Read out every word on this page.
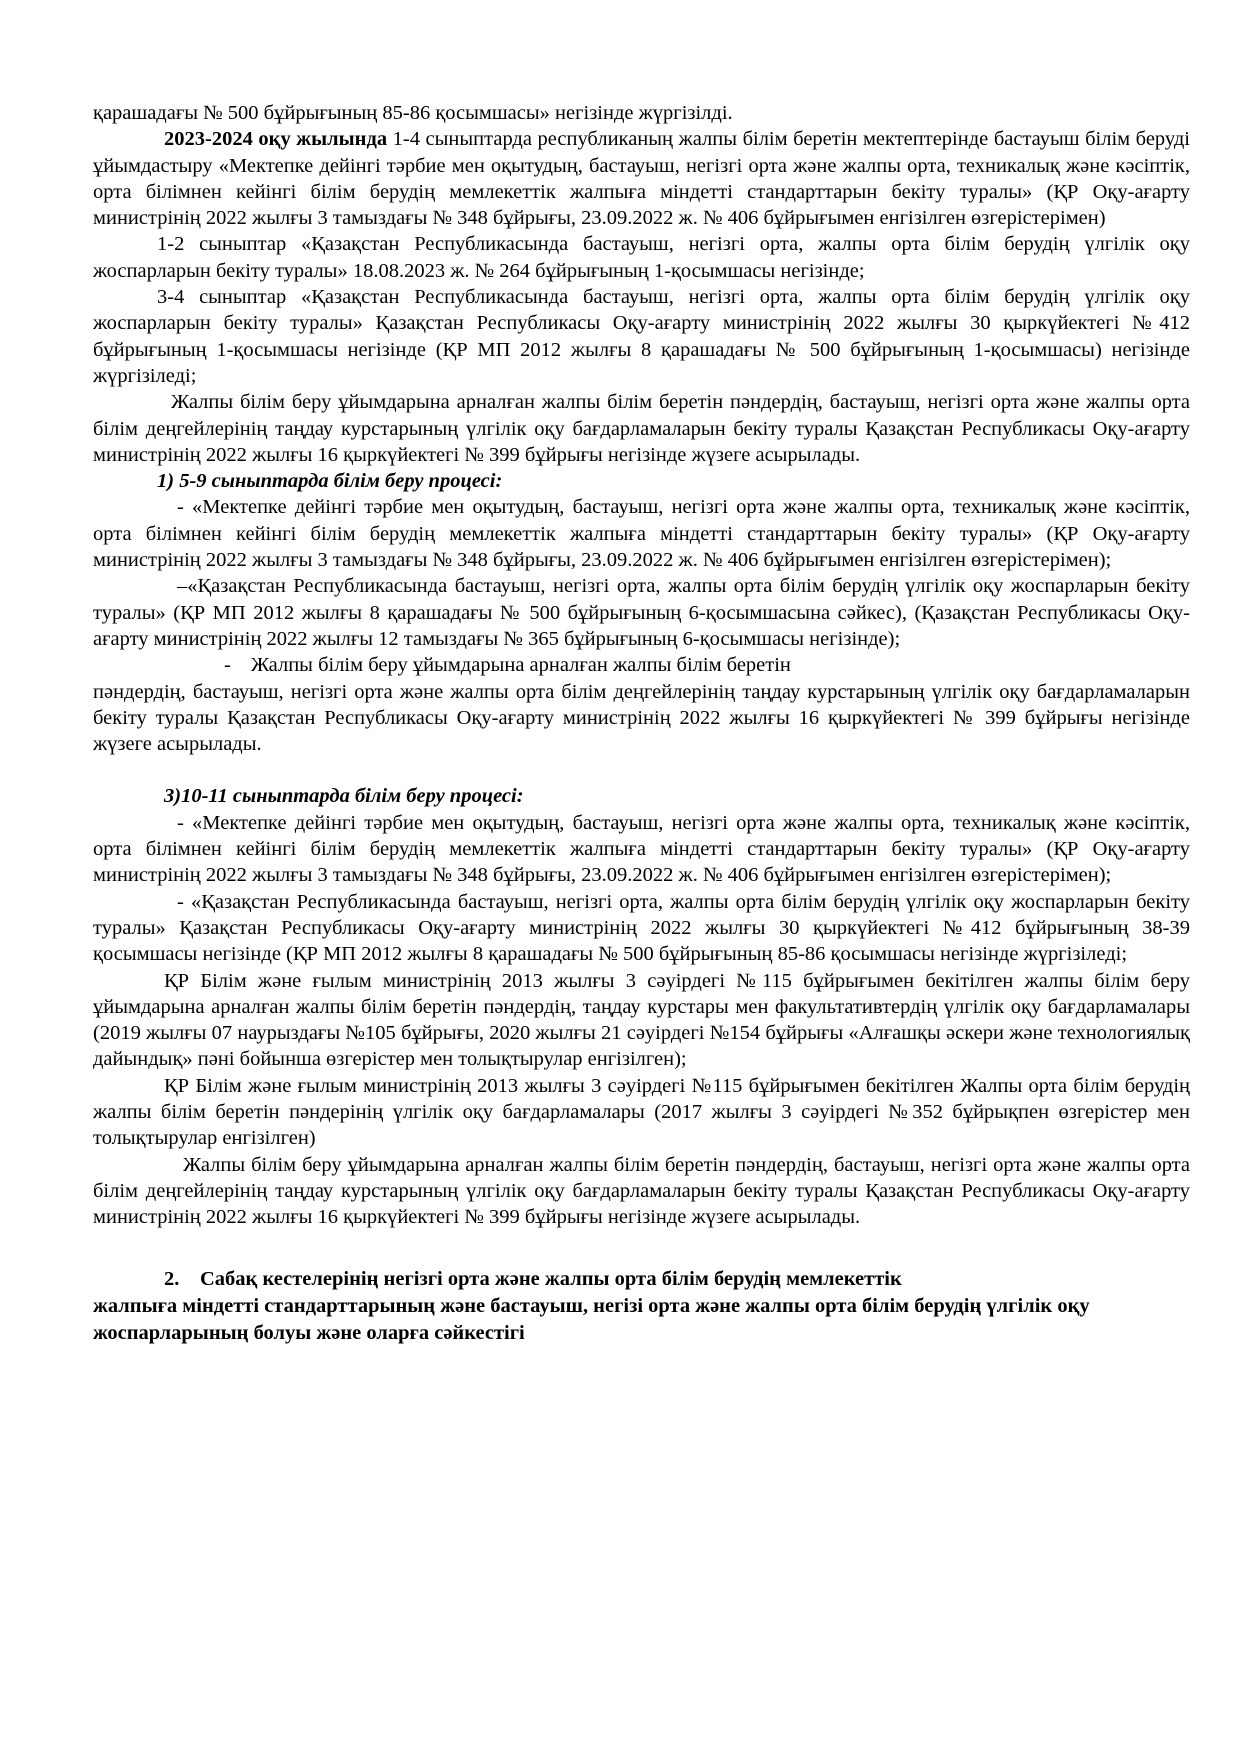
қарашадағы № 500 бұйрығының 85-86 қосымшасы» негізінде жүргізілді.

2023-2024 оқу жылында 1-4 сыныптарда республиканың жалпы білім беретін мектептерінде бастауыш білім беруді ұйымдастыру «Мектепке дейінгі тәрбие мен оқытудың, бастауыш, негізгі орта және жалпы орта, техникалық және кәсіптік, орта білімнен кейінгі білім берудің мемлекеттік жалпыға міндетті стандарттарын бекіту туралы» (ҚР Оқу-ағарту министрінің 2022 жылғы 3 тамыздағы № 348 бұйрығы, 23.09.2022 ж. № 406 бұйрығымен енгізілген өзгерістерімен)

1-2 сыныптар «Қазақстан Республикасында бастауыш, негізгі орта, жалпы орта білім берудің үлгілік оқу жоспарларын бекіту туралы» 18.08.2023 ж. № 264 бұйрығының 1-қосымшасы негізінде;

3-4 сыныптар «Қазақстан Республикасында бастауыш, негізгі орта, жалпы орта білім берудің үлгілік оқу жоспарларын бекіту туралы» Қазақстан Республикасы Оқу-ағарту министрінің 2022 жылғы 30 қыркүйектегі №412 бұйрығының 1-қосымшасы негізінде (ҚР МП 2012 жылғы 8 қарашадағы № 500 бұйрығының 1-қосымшасы) негізінде жүргізіледі;

Жалпы білім беру ұйымдарына арналған жалпы білім беретін пәндердің, бастауыш, негізгі орта және жалпы орта білім деңгейлерінің таңдау курстарының үлгілік оқу бағдарламаларын бекіту туралы Қазақстан Республикасы Оқу-ағарту министрінің 2022 жылғы 16 қыркүйектегі № 399 бұйрығы негізінде жүзеге асырылады.

1) 5-9 сыныптарда білім беру процесі:

- «Мектепке дейінгі тәрбие мен оқытудың, бастауыш, негізгі орта және жалпы орта, техникалық және кәсіптік, орта білімнен кейінгі білім берудің мемлекеттік жалпыға міндетті стандарттарын бекіту туралы» (ҚР Оқу-ағарту министрінің 2022 жылғы 3 тамыздағы № 348 бұйрығы, 23.09.2022 ж. № 406 бұйрығымен енгізілген өзгерістерімен);

–«Қазақстан Республикасында бастауыш, негізгі орта, жалпы орта білім берудің үлгілік оқу жоспарларын бекіту туралы» (ҚР МП 2012 жылғы 8 қарашадағы № 500 бұйрығының 6-қосымшасына сәйкес), (Қазақстан Республикасы Оқу-ағарту министрінің 2022 жылғы 12 тамыздағы № 365 бұйрығының 6-қосымшасы негізінде);

- Жалпы білім беру ұйымдарына арналған жалпы білім беретін

пәндердің, бастауыш, негізгі орта және жалпы орта білім деңгейлерінің таңдау курстарының үлгілік оқу бағдарламаларын бекіту туралы Қазақстан Республикасы Оқу-ағарту министрінің 2022 жылғы 16 қыркүйектегі № 399 бұйрығы негізінде жүзеге асырылады.

3)10-11 сыныптарда білім беру процесі:

- «Мектепке дейінгі тәрбие мен оқытудың, бастауыш, негізгі орта және жалпы орта, техникалық және кәсіптік, орта білімнен кейінгі білім берудің мемлекеттік жалпыға міндетті стандарттарын бекіту туралы» (ҚР Оқу-ағарту министрінің 2022 жылғы 3 тамыздағы № 348 бұйрығы, 23.09.2022 ж. № 406 бұйрығымен енгізілген өзгерістерімен);

- «Қазақстан Республикасында бастауыш, негізгі орта, жалпы орта білім берудің үлгілік оқу жоспарларын бекіту туралы» Қазақстан Республикасы Оқу-ағарту министрінің 2022 жылғы 30 қыркүйектегі №412 бұйрығының 38-39 қосымшасы негізінде (ҚР МП 2012 жылғы 8 қарашадағы № 500 бұйрығының 85-86 қосымшасы негізінде жүргізіледі;

ҚР Білім және ғылым министрінің 2013 жылғы 3 сәуірдегі №115 бұйрығымен бекітілген жалпы білім беру ұйымдарына арналған жалпы білім беретін пәндердің, таңдау курстары мен факультативтердің үлгілік оқу бағдарламалары (2019 жылғы 07 наурыздағы №105 бұйрығы, 2020 жылғы 21 сәуірдегі №154 бұйрығы «Алғашқы әскери және технологиялық дайындық» пәні бойынша өзгерістер мен толықтырулар енгізілген);

ҚР Білім және ғылым министрінің 2013 жылғы 3 сәуірдегі №115 бұйрығымен бекітілген Жалпы орта білім берудің жалпы білім беретін пәндерінің үлгілік оқу бағдарламалары (2017 жылғы 3 сәуірдегі №352 бұйрықпен өзгерістер мен толықтырулар енгізілген)

Жалпы білім беру ұйымдарына арналған жалпы білім беретін пәндердің, бастауыш, негізгі орта және жалпы орта білім деңгейлерінің таңдау курстарының үлгілік оқу бағдарламаларын бекіту туралы Қазақстан Республикасы Оқу-ағарту министрінің 2022 жылғы 16 қыркүйектегі № 399 бұйрығы негізінде жүзеге асырылады.

2. Сабақ кестелерінің негізгі орта және жалпы орта білім берудің мемлекеттік
жалпыға міндетті стандарттарының және бастауыш, негізі орта және жалпы орта білім берудің үлгілік оқу жоспарларының болуы және оларға сәйкестігі
